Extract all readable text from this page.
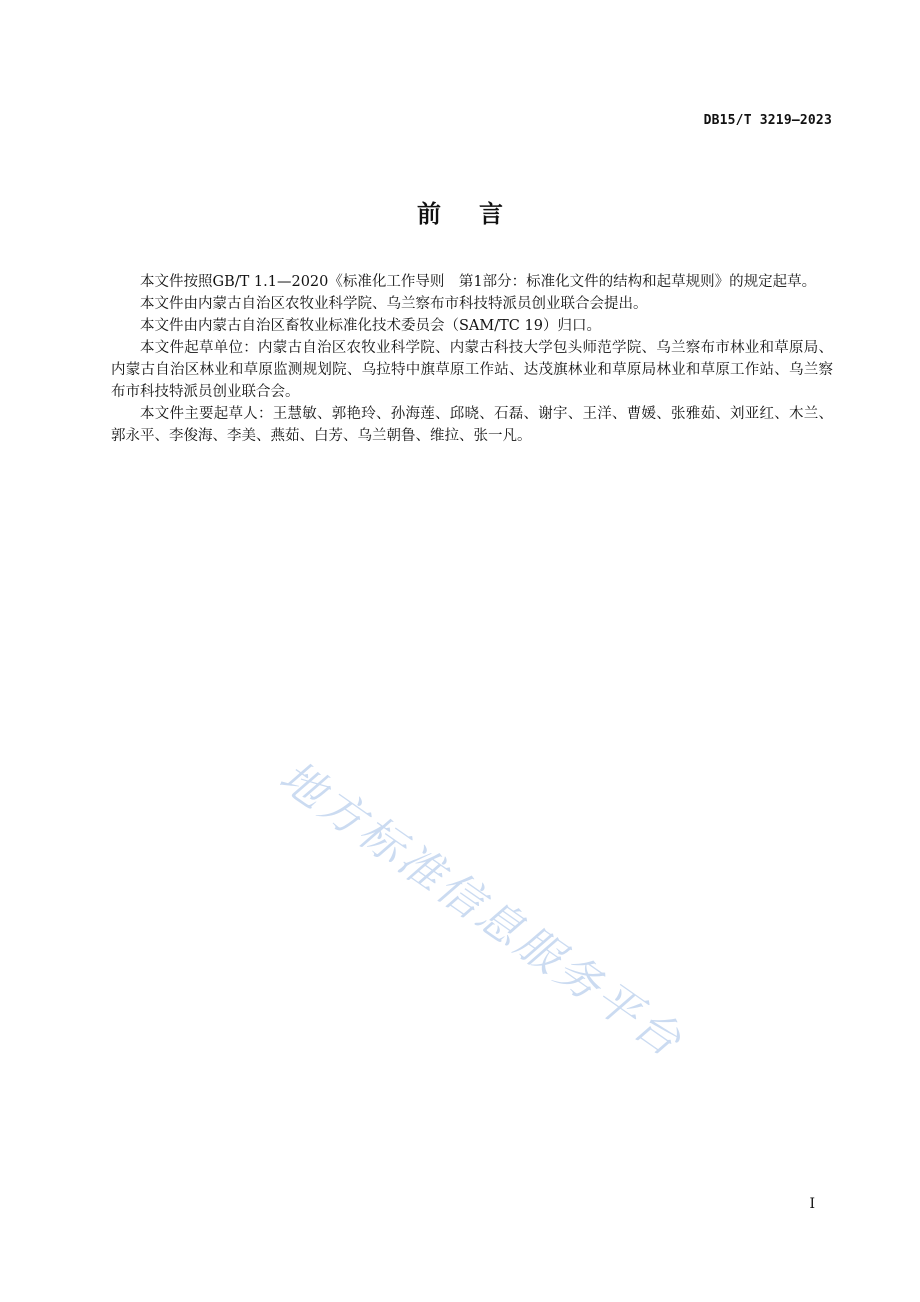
DB15/T 3219—2023
前言

本文件按照GB/T 1.1—2020《标准化工作导则　第1部分：标准化文件的结构和起草规则》的规定起草。

本文件由内蒙古自治区农牧业科学院、乌兰察布市科技特派员创业联合会提出。

本文件由内蒙古自治区畜牧业标准化技术委员会（SAM/TC 19）归口。

本文件起草单位：内蒙古自治区农牧业科学院、内蒙古科技大学包头师范学院、乌兰察布市林业和草原局、内蒙古自治区林业和草原监测规划院、乌拉特中旗草原工作站、达茂旗林业和草原局林业和草原工作站、乌兰察布市科技特派员创业联合会。

本文件主要起草人：王慧敏、郭艳玲、孙海莲、邱晓、石磊、谢宇、王洋、曹媛、张雅茹、刘亚红、木兰、郭永平、李俊海、李美、燕茹、白芳、乌兰朝鲁、维拉、张一凡。

地方标准信息服务平台
I
